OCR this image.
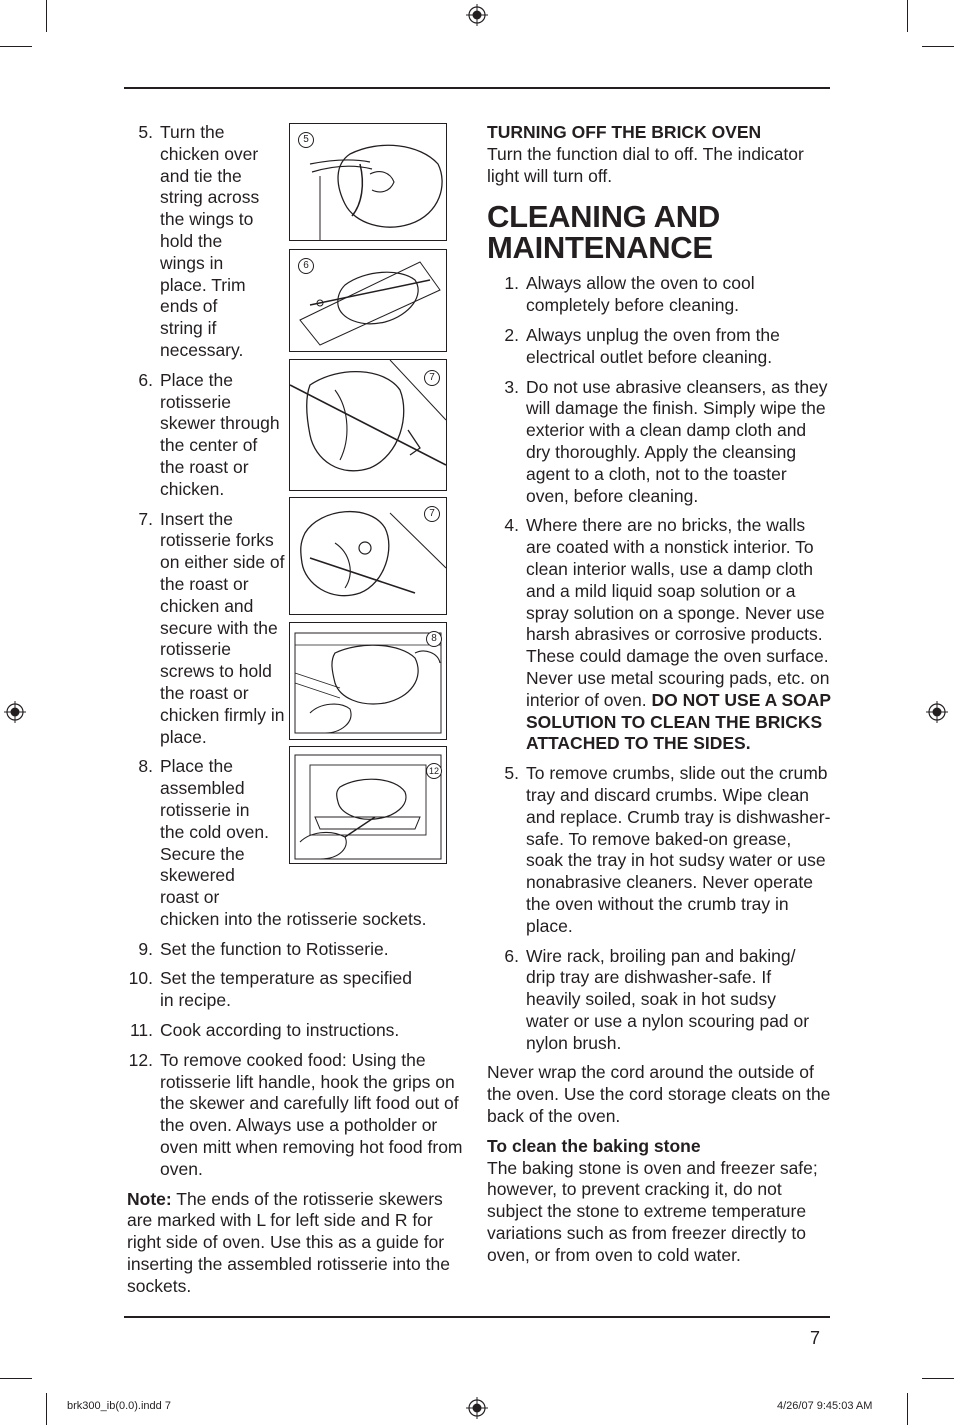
5
6
7
7
8
12
5. Turn the chicken over and tie the string across the wings to hold the wings in place. Trim ends of string if necessary.
6. Place the rotisserie skewer through the center of the roast or chicken.
7. Insert the rotisserie forks on either side of the roast or chicken and secure with the rotisserie screws to hold the roast or chicken firmly in place.
8. Place the assembled rotisserie in the cold oven. Secure the skewered roast or
chicken into the rotisserie sockets.
9. Set the function to Rotisserie.
10. Set the temperature as specified in recipe.
11. Cook according to instructions.
12. To remove cooked food: Using the rotisserie lift handle, hook the grips on the skewer and carefully lift food out of the oven. Always use a potholder or oven mitt when removing hot food from oven.

Note: The ends of the rotisserie skewers are marked with L for left side and R for right side of oven. Use this as a guide for inserting the assembled rotisserie into the sockets.

TURNING OFF THE BRICK OVEN

Turn the function dial to off. The indicator light will turn off.

CLEANING AND
MAINTENANCE
1. Always allow the oven to cool completely before cleaning.
2. Always unplug the oven from the electrical outlet before cleaning.
3. Do not use abrasive cleansers, as they will damage the finish. Simply wipe the exterior with a clean damp cloth and dry thoroughly. Apply the cleansing agent to a cloth, not to the toaster oven, before cleaning.
4. Where there are no bricks, the walls are coated with a nonstick interior. To clean interior walls, use a damp cloth and a mild liquid soap solution or a spray solution on a sponge. Never use harsh abrasives or corrosive products. These could damage the oven surface. Never use metal scouring pads, etc. on interior of oven. DO NOT USE A SOAP SOLUTION TO CLEAN THE BRICKS ATTACHED TO THE SIDES.
5. To remove crumbs, slide out the crumb tray and discard crumbs. Wipe clean and replace. Crumb tray is dishwasher-safe. To remove baked-on grease, soak the tray in hot sudsy water or use nonabrasive cleaners. Never operate the oven without the crumb tray in place.
6. Wire rack, broiling pan and baking/ drip tray are dishwasher-safe. If heavily soiled, soak in hot sudsy water or use a nylon scouring pad or nylon brush.

Never wrap the cord around the outside of the oven. Use the cord storage cleats on the back of the oven.

To clean the baking stone

The baking stone is oven and freezer safe; however, to prevent cracking it, do not subject the stone to extreme temperature variations such as from freezer directly to oven, or from oven to cold water.

7
brk300_ib(0.0).indd 7	4/26/07 9:45:03 AM
